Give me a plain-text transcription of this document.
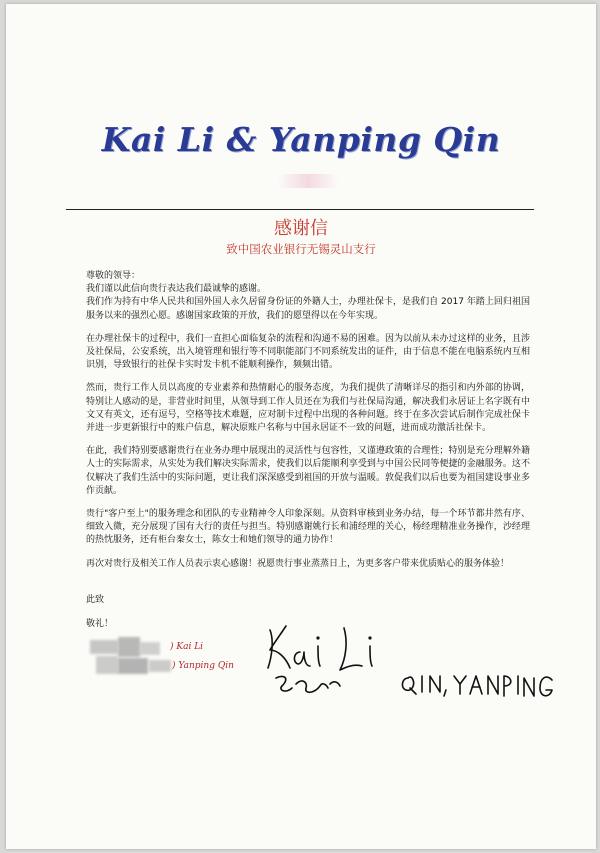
Kai Li & Yanping Qin
感谢信
致中国农业银行无锡灵山支行

尊敬的领导：

我们谨以此信向贵行表达我们最诚挚的感谢。

我们作为持有中华人民共和国外国人永久居留身份证的外籍人士，办理社保卡，是我们自 2017 年踏上回归祖国服务以来的强烈心愿。感谢国家政策的开放，我们的愿望得以在今年实现。

在办理社保卡的过程中，我们一直担心面临复杂的流程和沟通不易的困难。因为以前从未办过这样的业务，且涉及社保局，公安系统，出入境管理和银行等不同职能部门不同系统发出的证件，由于信息不能在电脑系统内互相识别，导致银行的社保卡实时发卡机不能顺利操作，频频出错。

然而，贵行工作人员以高度的专业素养和热情耐心的服务态度，为我们提供了清晰详尽的指引和内外部的协调，特别让人感动的是，非营业时间里，从领导到工作人员还在为我们与社保局沟通，解决我们永居证上名字既有中文又有英文，还有逗号，空格等技术难题，应对制卡过程中出现的各种问题。终于在多次尝试后制作完成社保卡并进一步更新银行中的账户信息，解决原账户名称与中国永居证不一致的问题，进而成功激活社保卡。

在此，我们特别要感谢贵行在业务办理中展现出的灵活性与包容性，又谨遵政策的合理性；特别是充分理解外籍人士的实际需求，从实处为我们解决实际需求，使我们以后能顺利享受到与中国公民同等便捷的金融服务。这不仅解决了我们生活中的实际问题，更让我们深深感受到祖国的开放与温暖。敦促我们以后也要为祖国建设事业多作贡献。

贵行"客户至上"的服务理念和团队的专业精神令人印象深刻。从资料审核到业务办结，每一个环节都井然有序、细致入微，充分展现了国有大行的责任与担当。特别感谢姚行长和浦经理的关心，杨经理精准业务操作，沙经理的热忱服务，还有柜台秦女士，陈女士和她们领导的通力协作！

再次对贵行及相关工作人员表示衷心感谢！祝愿贵行事业蒸蒸日上，为更多客户带来优质贴心的服务体验！

此致
敬礼！
) Kai Li
) Yanping Qin
